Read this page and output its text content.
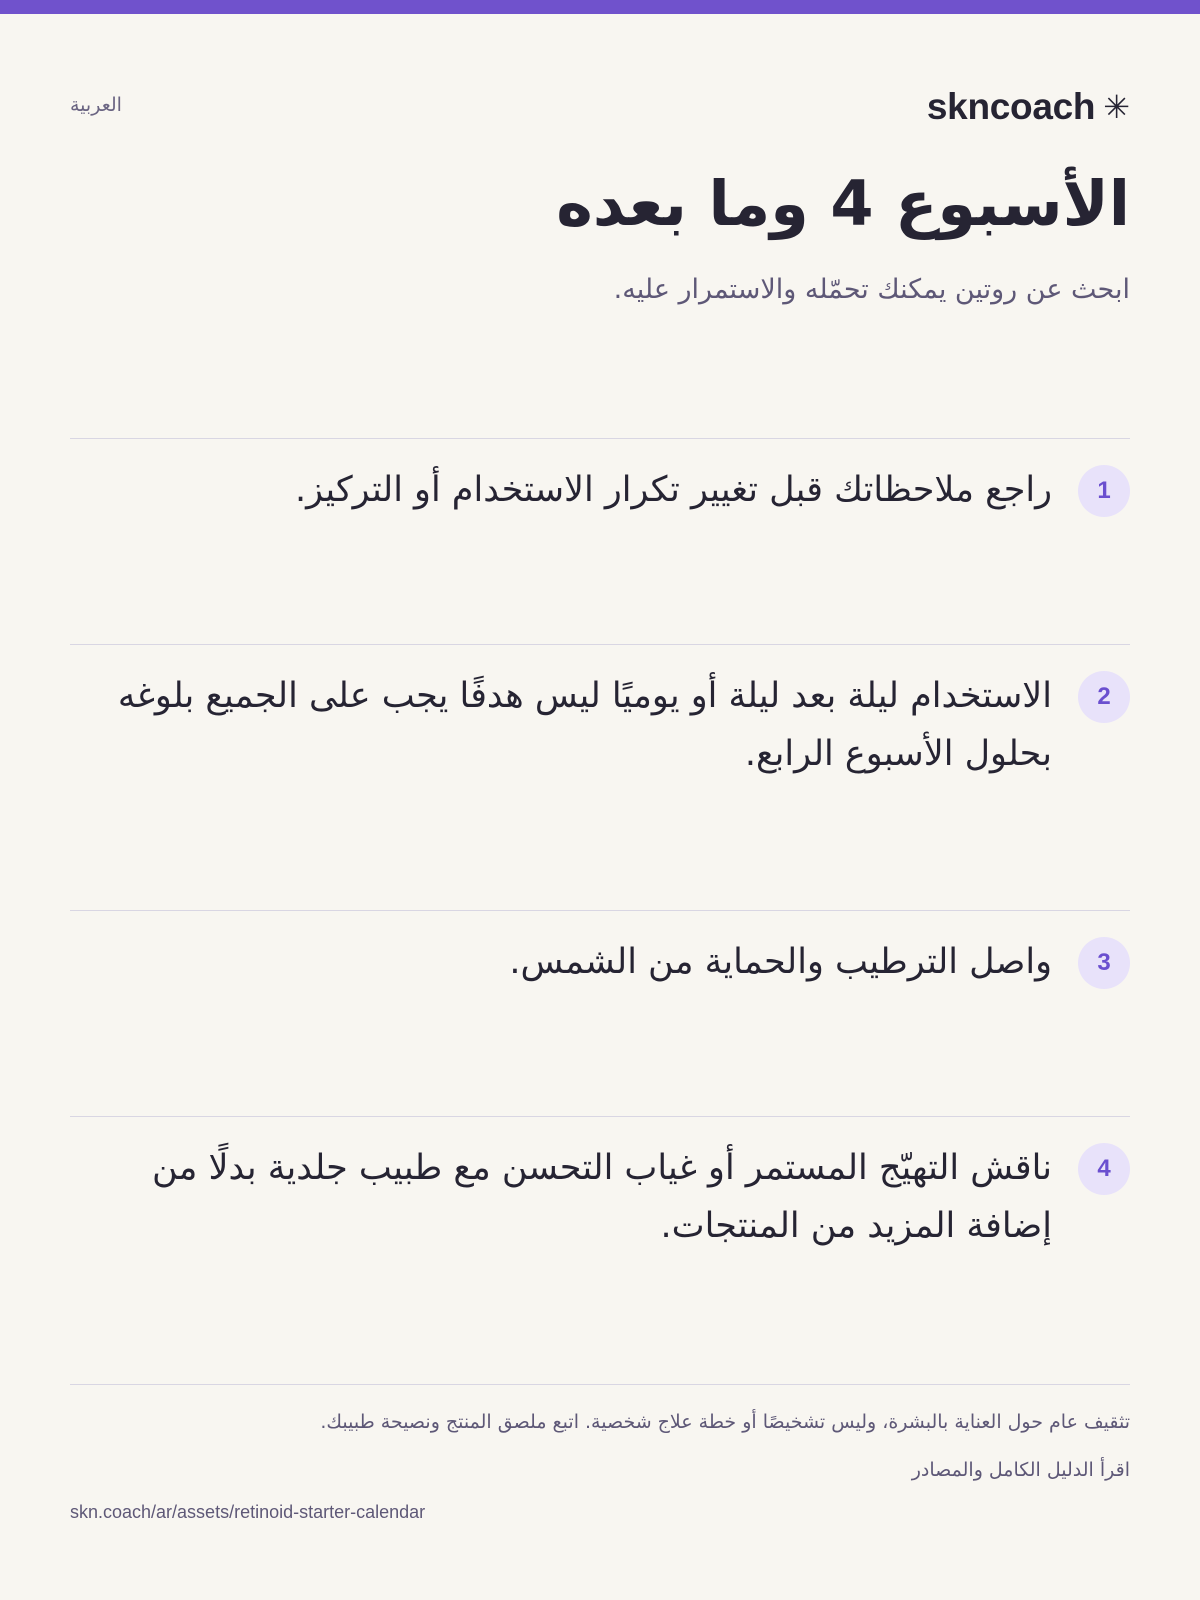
العربية	skncoach ✳
الأسبوع 4 وما بعده

ابحث عن روتين يمكنك تحمّله والاستمرار عليه.

1
راجع ملاحظاتك قبل تغيير تكرار الاستخدام أو التركيز.
2
الاستخدام ليلة بعد ليلة أو يوميًا ليس هدفًا يجب على الجميع بلوغه بحلول الأسبوع الرابع.
3
واصل الترطيب والحماية من الشمس.
4
ناقش التهيّج المستمر أو غياب التحسن مع طبيب جلدية بدلًا من إضافة المزيد من المنتجات.
تثقيف عام حول العناية بالبشرة، وليس تشخيصًا أو خطة علاج شخصية. اتبع ملصق المنتج ونصيحة طبيبك.
اقرأ الدليل الكامل والمصادر
skn.coach/ar/assets/retinoid-starter-calendar
